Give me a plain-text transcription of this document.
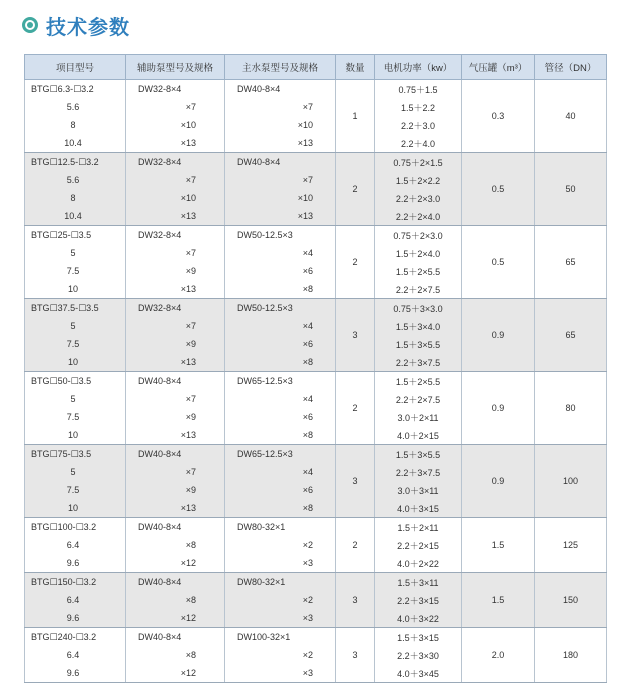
技术参数
项目型号	辅助泵型号及规格	主水泵型号及规格	数量	电机功率（kw）	气压罐（m³）	管径（DN）
BTG☐6.3-☐3.2	DW32-8×4	DW40-8×4	1	0.75＋1.5	0.3	40
5.6	×7	×7		1.5＋2.2		
8	×10	×10		2.2＋3.0		
10.4	×13	×13		2.2＋4.0		
BTG☐12.5-☐3.2	DW32-8×4	DW40-8×4	2	0.75＋2×1.5	0.5	50
5.6	×7	×7		1.5＋2×2.2		
8	×10	×10		2.2＋2×3.0		
10.4	×13	×13		2.2＋2×4.0		
BTG☐25-☐3.5	DW32-8×4	DW50-12.5×3	2	0.75＋2×3.0	0.5	65
5	×7	×4		1.5＋2×4.0		
7.5	×9	×6		1.5＋2×5.5		
10	×13	×8		2.2＋2×7.5		
BTG☐37.5-☐3.5	DW32-8×4	DW50-12.5×3	3	0.75＋3×3.0	0.9	65
5	×7	×4		1.5＋3×4.0		
7.5	×9	×6		1.5＋3×5.5		
10	×13	×8		2.2＋3×7.5		
BTG☐50-☐3.5	DW40-8×4	DW65-12.5×3	2	1.5＋2×5.5	0.9	80
5	×7	×4		2.2＋2×7.5		
7.5	×9	×6		3.0＋2×11		
10	×13	×8		4.0＋2×15		
BTG☐75-☐3.5	DW40-8×4	DW65-12.5×3	3	1.5＋3×5.5	0.9	100
5	×7	×4		2.2＋3×7.5		
7.5	×9	×6		3.0＋3×11		
10	×13	×8		4.0＋3×15		
BTG☐100-☐3.2	DW40-8×4	DW80-32×1	2	1.5＋2×11	1.5	125
6.4	×8	×2		2.2＋2×15		
9.6	×12	×3		4.0＋2×22		
BTG☐150-☐3.2	DW40-8×4	DW80-32×1	3	1.5＋3×11	1.5	150
6.4	×8	×2		2.2＋3×15		
9.6	×12	×3		4.0＋3×22		
BTG☐240-☐3.2	DW40-8×4	DW100-32×1	3	1.5＋3×15	2.0	180
6.4	×8	×2		2.2＋3×30		
9.6	×12	×3		4.0＋3×45		
